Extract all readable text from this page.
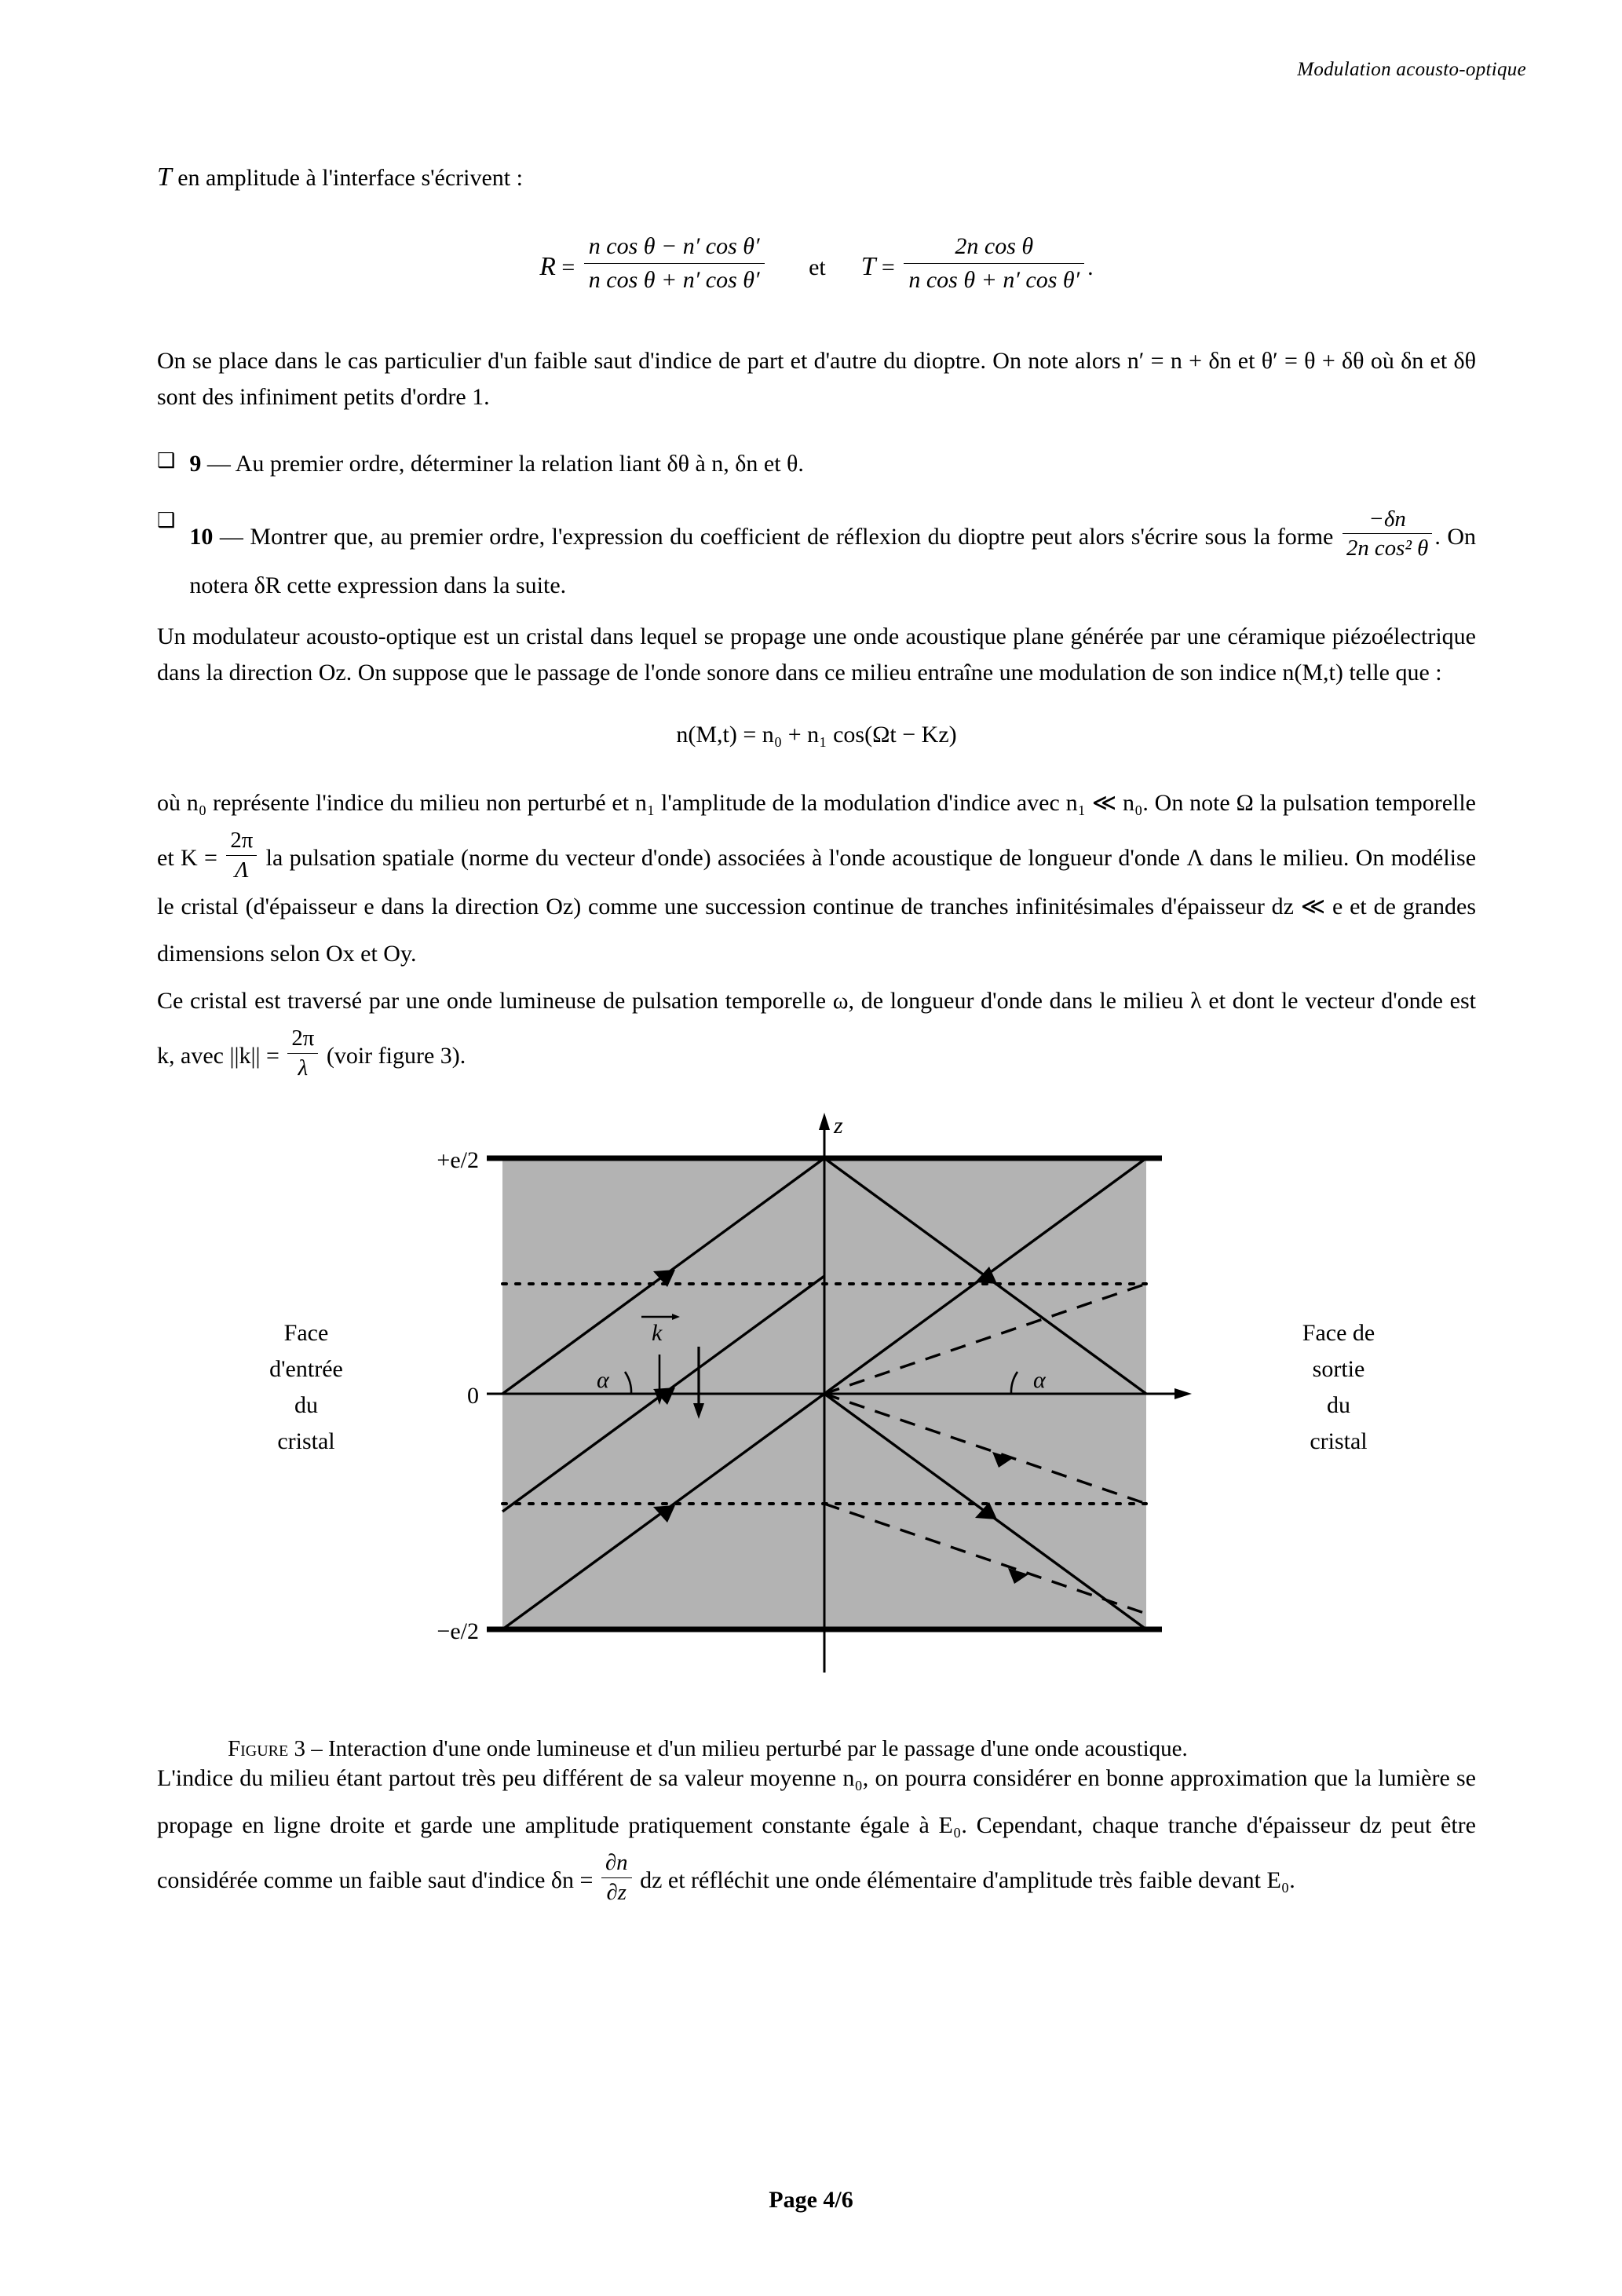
Modulation acousto-optique

T en amplitude à l'interface s'écrivent :

$R = \frac{\text{n cos θ − n′ cos θ′}}{\text{n cos θ + n′ cos θ′}}$ et $T = \frac{\text{2n cos θ}}{\text{n cos θ + n′ cos θ′}}$ .

On se place dans le cas particulier d'un faible saut d'indice de part et d'autre du dioptre. On note alors n′ = n + δn et θ′ = θ + δθ où δn et δθ sont des infiniment petits d'ordre 1.

❑ 9 — Au premier ordre, déterminer la relation liant δθ à n, δn et θ.
❑
10 — Montrer que, au premier ordre, l'expression du coefficient de réflexion du dioptre peut alors s'écrire sous la forme $\frac{-\delta n}{\text{2n cos² θ}}$ . On notera δR cette expression dans la suite.

Un modulateur acousto-optique est un cristal dans lequel se propage une onde acoustique plane générée par une céramique piézoélectrique dans la direction Oz. On suppose que le passage de l'onde sonore dans ce milieu entraîne une modulation de son indice n(M,t) telle que :

n(M,t) = n₀ + n₁ cos(Ωt − Kz)

où n₀ représente l'indice du milieu non perturbé et n₁ l'amplitude de la modulation d'indice avec n₁ ≪ n₀. On note Ω la pulsation temporelle et $K = \frac{2\pi}{\Lambda}$ la pulsation spatiale (norme du vecteur d'onde) associées à l'onde acoustique de longueur d'onde Λ dans le milieu. On modélise le cristal (d'épaisseur e dans la direction Oz) comme une succession continue de tranches infinitésimales d'épaisseur dz ≪ e et de grandes dimensions selon Ox et Oy.

Ce cristal est traversé par une onde lumineuse de pulsation temporelle ω, de longueur d'onde dans le milieu λ et dont le vecteur d'onde est k, avec $||k|| = \frac{2\pi}{\lambda}$ (voir figure 3).

k
α	α
z
+e/2
0
−e/2
Face
d'entrée
du
cristal
Face de
sortie
du
cristal
Figure 3 – Interaction d'une onde lumineuse et d'un milieu perturbé par le passage d'une onde acoustique.

L'indice du milieu étant partout très peu différent de sa valeur moyenne n₀, on pourra considérer en bonne approximation que la lumière se propage en ligne droite et garde une amplitude pratiquement constante égale à E₀. Cependant, chaque tranche d'épaisseur dz peut être considérée comme un faible saut d'indice $\delta n = \frac{\partial n}{\partial z}$ dz et réfléchit une onde élémentaire d'amplitude très faible devant E₀.

Page 4/6
